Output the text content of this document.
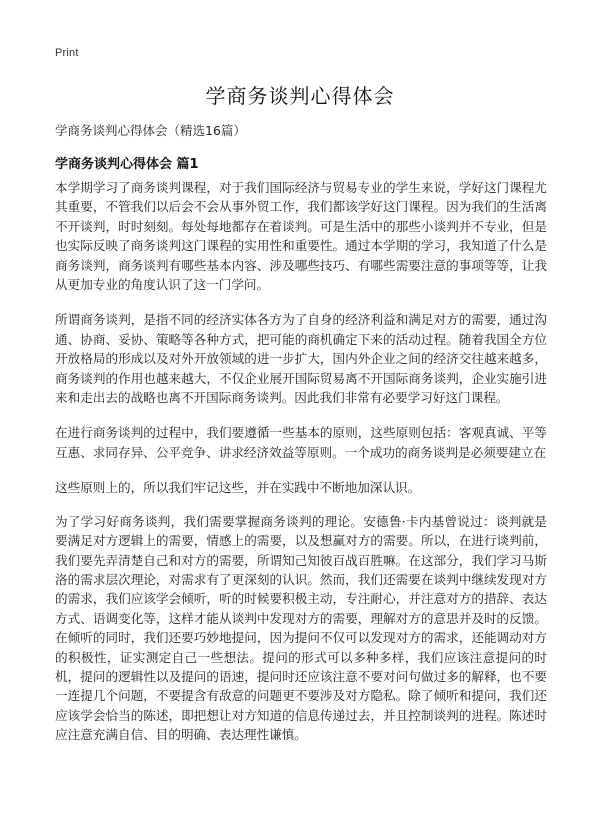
Print
学商务谈判心得体会
学商务谈判心得体会（精选16篇）
学商务谈判心得体会 篇1

本学期学习了商务谈判课程，对于我们国际经济与贸易专业的学生来说，学好这门课程尤其重要，不管我们以后会不会从事外贸工作，我们都该学好这门课程。因为我们的生活离不开谈判，时时刻刻。每处每地都存在着谈判。可是生活中的那些小谈判并不专业，但是也实际反映了商务谈判这门课程的实用性和重要性。通过本学期的学习，我知道了什么是商务谈判，商务谈判有哪些基本内容、涉及哪些技巧、有哪些需要注意的事项等等，让我从更加专业的角度认识了这一门学问。

所谓商务谈判，是指不同的经济实体各方为了自身的经济利益和满足对方的需要，通过沟通、协商、妥协、策略等各种方式，把可能的商机确定下来的活动过程。随着我国全方位开放格局的形成以及对外开放领域的进一步扩大，国内外企业之间的经济交往越来越多，商务谈判的作用也越来越大，不仅企业展开国际贸易离不开国际商务谈判，企业实施引进来和走出去的战略也离不开国际商务谈判。因此我们非常有必要学习好这门课程。

在进行商务谈判的过程中，我们要遵循一些基本的原则，这些原则包括：客观真诚、平等互惠、求同存异、公平竞争、讲求经济效益等原则。一个成功的商务谈判是必须要建立在

这些原则上的，所以我们牢记这些，并在实践中不断地加深认识。

为了学习好商务谈判，我们需要掌握商务谈判的理论。安德鲁·卡内基曾说过：谈判就是要满足对方逻辑上的需要，情感上的需要，以及想赢对方的需要。所以，在进行谈判前，我们要先弄清楚自己和对方的需要，所谓知己知彼百战百胜嘛。在这部分，我们学习马斯洛的需求层次理论，对需求有了更深刻的认识。然而，我们还需要在谈判中继续发现对方的需求，我们应该学会倾听，听的时候要积极主动，专注耐心，并注意对方的措辞、表达方式、语调变化等，这样才能从谈判中发现对方的需要，理解对方的意思并及时的反馈。在倾听的同时，我们还要巧妙地提问，因为提问不仅可以发现对方的需求，还能调动对方的积极性，证实测定自己一些想法。提问的形式可以多种多样，我们应该注意提问的时机，提问的逻辑性以及提问的语速，提问时还应该注意不要对问句做过多的解释，也不要一连提几个问题，不要提含有敌意的问题更不要涉及对方隐私。除了倾听和提问，我们还应该学会恰当的陈述，即把想让对方知道的信息传递过去，并且控制谈判的进程。陈述时应注意充满自信、目的明确、表达理性谦慎。
